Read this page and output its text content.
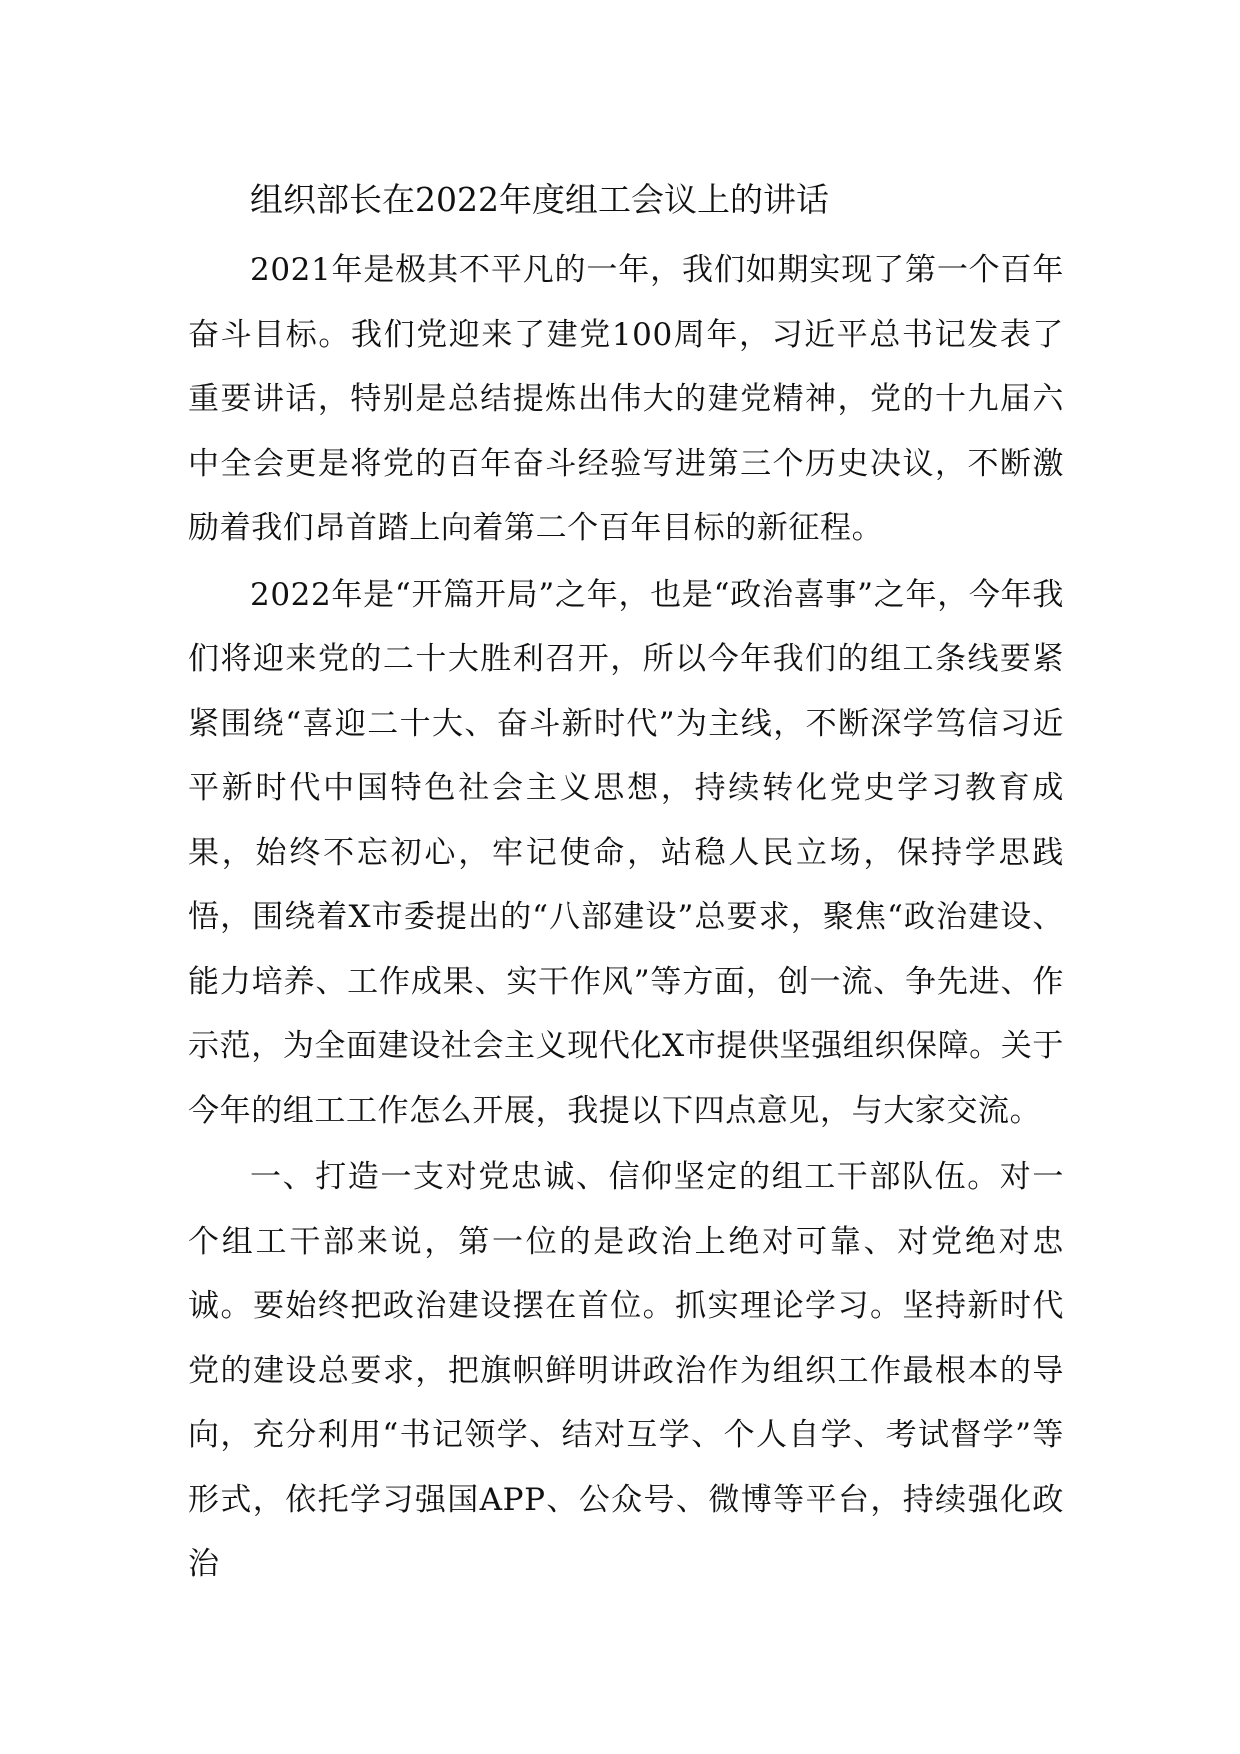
组织部长在2022年度组工会议上的讲话

2021年是极其不平凡的一年，我们如期实现了第一个百年奋斗目标。我们党迎来了建党100周年，习近平总书记发表了重要讲话，特别是总结提炼出伟大的建党精神，党的十九届六中全会更是将党的百年奋斗经验写进第三个历史决议，不断激励着我们昂首踏上向着第二个百年目标的新征程。

2022年是“开篇开局”之年，也是“政治喜事”之年，今年我们将迎来党的二十大胜利召开，所以今年我们的组工条线要紧紧围绕“喜迎二十大、奋斗新时代”为主线，不断深学笃信习近平新时代中国特色社会主义思想，持续转化党史学习教育成果，始终不忘初心，牢记使命，站稳人民立场，保持学思践悟，围绕着X市委提出的“八部建设”总要求，聚焦“政治建设、能力培养、工作成果、实干作风”等方面，创一流、争先进、作示范，为全面建设社会主义现代化X市提供坚强组织保障。关于今年的组工工作怎么开展，我提以下四点意见，与大家交流。

一、打造一支对党忠诚、信仰坚定的组工干部队伍。对一个组工干部来说，第一位的是政治上绝对可靠、对党绝对忠诚。要始终把政治建设摆在首位。抓实理论学习。坚持新时代党的建设总要求，把旗帜鲜明讲政治作为组织工作最根本的导向，充分利用“书记领学、结对互学、个人自学、考试督学”等形式，依托学习强国APP、公众号、微博等平台，持续强化政治
